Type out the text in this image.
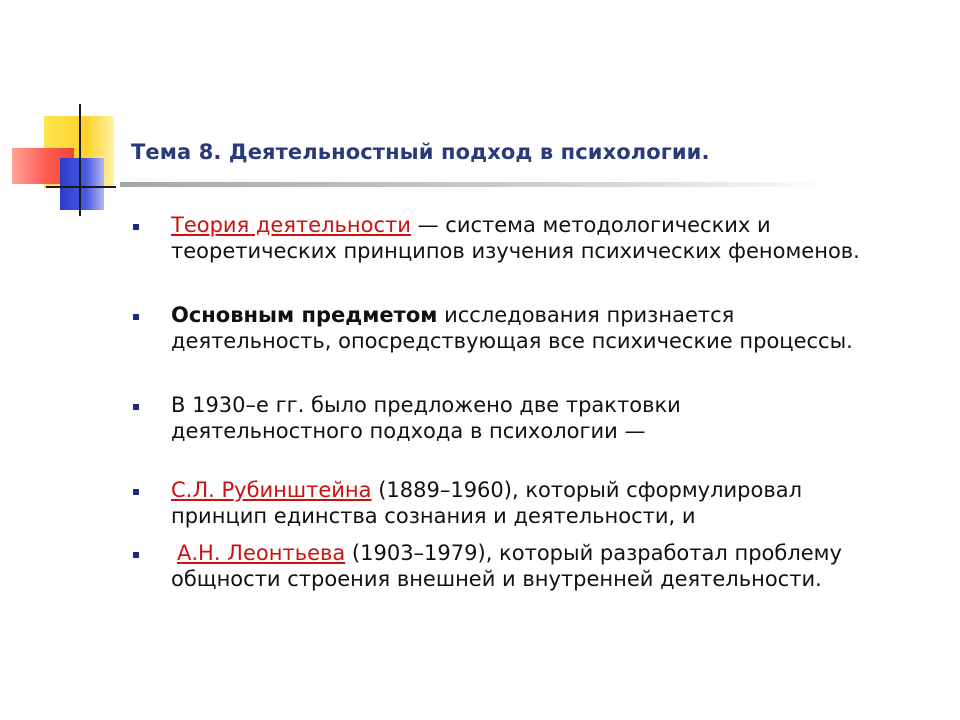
Тема 8. Деятельностный подход в психологии.
Теория деятельности — система методологических и
теоретических принципов изучения психических феноменов.
Основным предметом исследования признается
деятельность, опосредствующая все психические процессы.
В 1930–е гг. было предложено две трактовки
деятельностного подхода в психологии —
С.Л. Рубинштейна (1889–1960), который сформулировал
принцип единства сознания и деятельности, и
А.Н. Леонтьева (1903–1979), который разработал проблему
общности строения внешней и внутренней деятельности.
